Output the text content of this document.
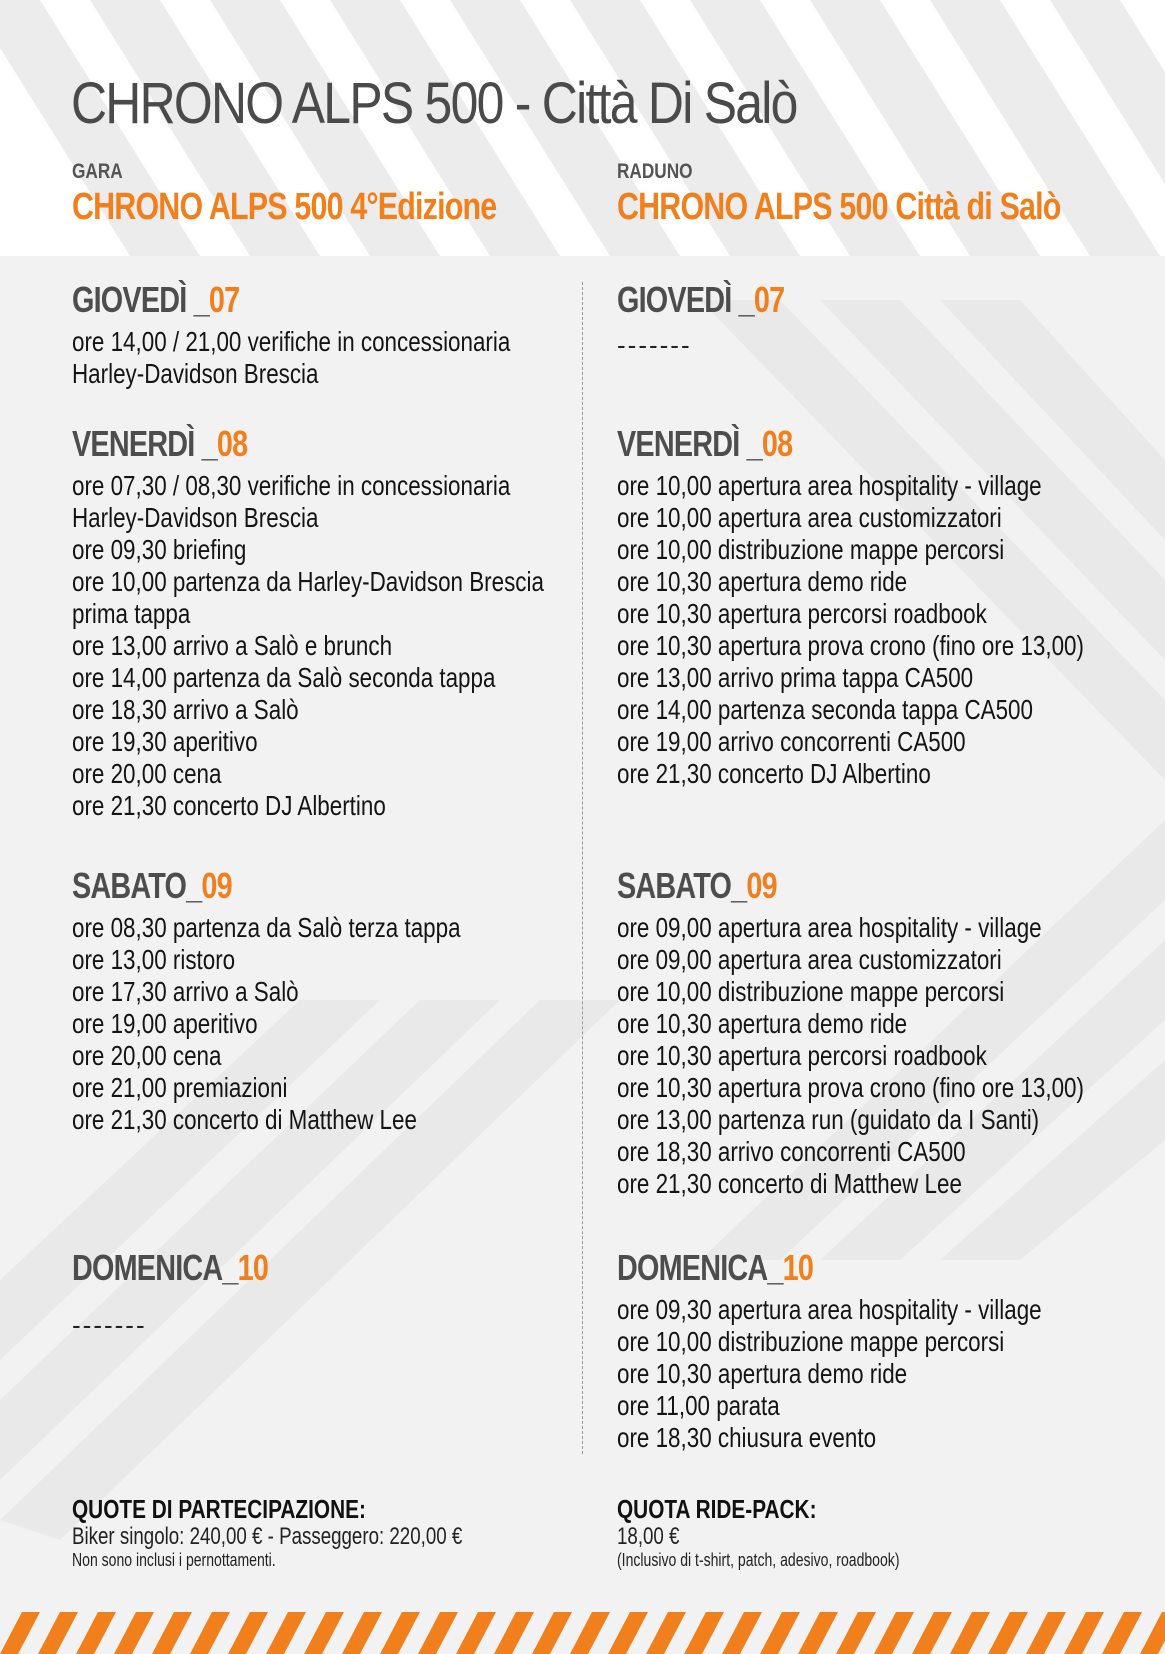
CHRONO ALPS 500 - Città Di Salò

GARA

CHRONO ALPS 500 4°Edizione

RADUNO

CHRONO ALPS 500 Città di Salò

GIOVEDÌ _07
ore 14,00 / 21,00 verifiche in concessionaria
Harley-Davidson Brescia
VENERDÌ _08
ore 07,30 / 08,30 verifiche in concessionaria
Harley-Davidson Brescia
ore 09,30 briefing
ore 10,00 partenza da Harley-Davidson Brescia
prima tappa
ore 13,00 arrivo a Salò e brunch
ore 14,00 partenza da Salò seconda tappa
ore 18,30 arrivo a Salò
ore 19,30 aperitivo
ore 20,00 cena
ore 21,30 concerto DJ Albertino
SABATO_09
ore 08,30 partenza da Salò terza tappa
ore 13,00 ristoro
ore 17,30 arrivo a Salò
ore 19,00 aperitivo
ore 20,00 cena
ore 21,00 premiazioni
ore 21,30 concerto di Matthew Lee
DOMENICA_10

-------

GIOVEDÌ _07

-------

VENERDÌ _08
ore 10,00 apertura area hospitality - village
ore 10,00 apertura area customizzatori
ore 10,00 distribuzione mappe percorsi
ore 10,30 apertura demo ride
ore 10,30 apertura percorsi roadbook
ore 10,30 apertura prova crono (fino ore 13,00)
ore 13,00 arrivo prima tappa CA500
ore 14,00 partenza seconda tappa CA500
ore 19,00 arrivo concorrenti CA500
ore 21,30 concerto DJ Albertino
SABATO_09
ore 09,00 apertura area hospitality - village
ore 09,00 apertura area customizzatori
ore 10,00 distribuzione mappe percorsi
ore 10,30 apertura demo ride
ore 10,30 apertura percorsi roadbook
ore 10,30 apertura prova crono (fino ore 13,00)
ore 13,00 partenza run (guidato da I Santi)
ore 18,30 arrivo concorrenti CA500
ore 21,30 concerto di Matthew Lee
DOMENICA_10
ore 09,30 apertura area hospitality - village
ore 10,00 distribuzione mappe percorsi
ore 10,30 apertura demo ride
ore 11,00 parata
ore 18,30 chiusura evento

QUOTE DI PARTECIPAZIONE:

Biker singolo: 240,00 € - Passeggero: 220,00 €

Non sono inclusi i pernottamenti.

QUOTA RIDE-PACK:

18,00 €

(Inclusivo di t-shirt, patch, adesivo, roadbook)
